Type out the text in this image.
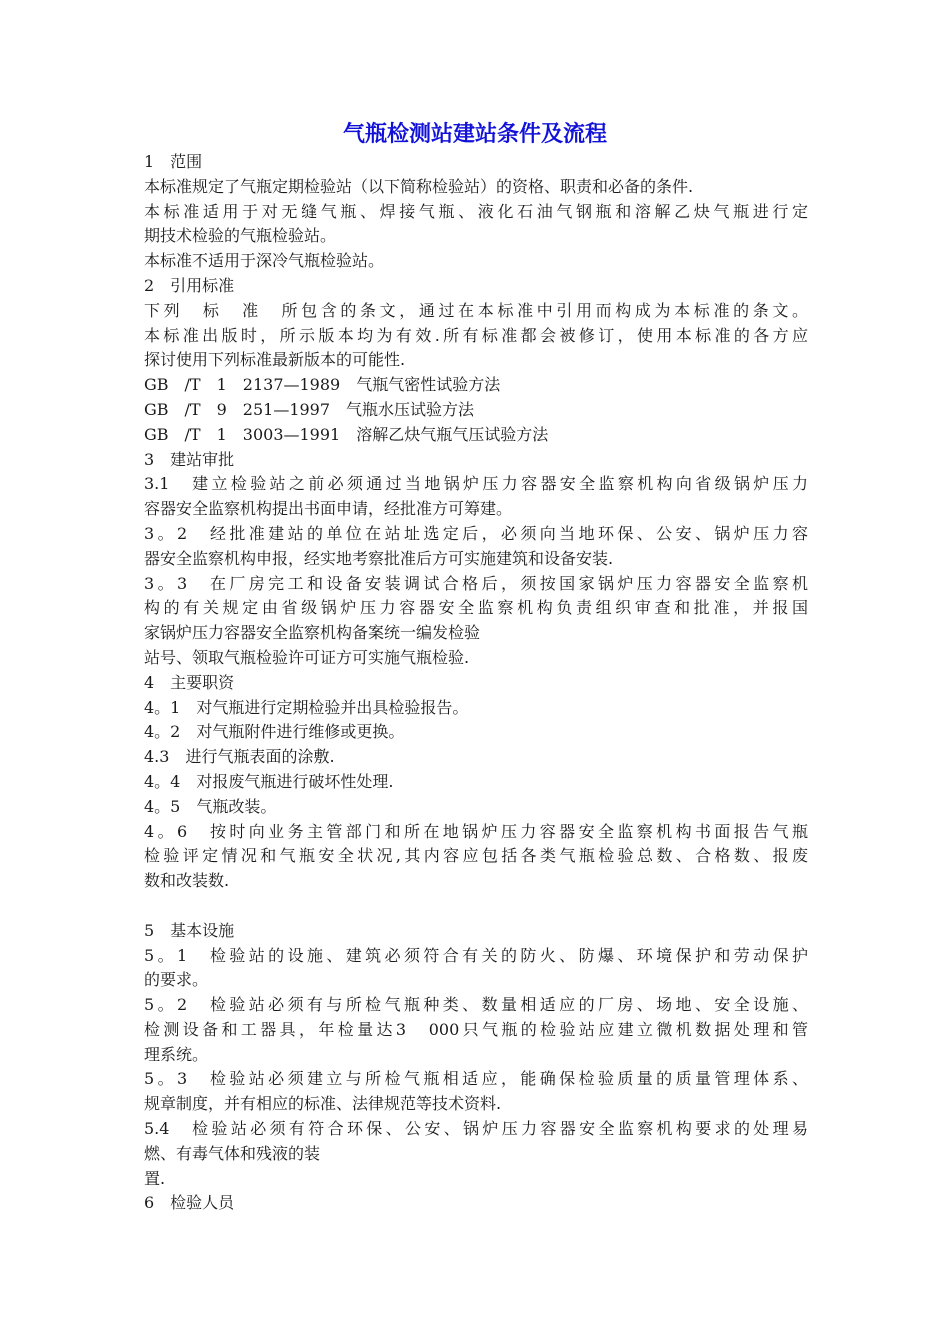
气瓶检测站建站条件及流程
1　范围
本标准规定了气瓶定期检验站（以下简称检验站）的资格、职责和必备的条件.
本标准适用于对无缝气瓶、焊接气瓶、液化石油气钢瓶和溶解乙炔气瓶进行定
期技术检验的气瓶检验站。
本标准不适用于深冷气瓶检验站。
2　引用标准
下列　标　准　所包含的条文，通过在本标准中引用而构成为本标准的条文。
本标准出版时，所示版本均为有效.所有标准都会被修订，使用本标准的各方应
探讨使用下列标准最新版本的可能性.
GB　/T　1　2137—1989　气瓶气密性试验方法
GB　/T　9　251—1997　气瓶水压试验方法
GB　/T　1　3003—1991　溶解乙炔气瓶气压试验方法
3　建站审批
3.1　建立检验站之前必须通过当地锅炉压力容器安全监察机构向省级锅炉压力
容器安全监察机构提出书面申请，经批准方可筹建。
3。2　经批准建站的单位在站址选定后，必须向当地环保、公安、锅炉压力容
器安全监察机构申报，经实地考察批准后方可实施建筑和设备安装.
3。3　在厂房完工和设备安装调试合格后，须按国家锅炉压力容器安全监察机
构的有关规定由省级锅炉压力容器安全监察机构负责组织审查和批准，并报国
家锅炉压力容器安全监察机构备案统一编发检验
站号、领取气瓶检验许可证方可实施气瓶检验.
4　主要职资
4。1　对气瓶进行定期检验并出具检验报告。
4。2　对气瓶附件进行维修或更换。
4.3　进行气瓶表面的涂敷.
4。4　对报废气瓶进行破坏性处理.
4。5　气瓶改装。
4。6　按时向业务主管部门和所在地锅炉压力容器安全监察机构书面报告气瓶
检验评定情况和气瓶安全状况,其内容应包括各类气瓶检验总数、合格数、报废
数和改装数.
5　基本设施
5。1　检验站的设施、建筑必须符合有关的防火、防爆、环境保护和劳动保护
的要求。
5。2　检验站必须有与所检气瓶种类、数量相适应的厂房、场地、安全设施、
检测设备和工器具，年检量达3　000只气瓶的检验站应建立微机数据处理和管
理系统。
5。3　检验站必须建立与所检气瓶相适应，能确保检验质量的质量管理体系、
规章制度，并有相应的标准、法律规范等技术资料.
5.4　检验站必须有符合环保、公安、锅炉压力容器安全监察机构要求的处理易
燃、有毒气体和残液的装
置.
6　检验人员
